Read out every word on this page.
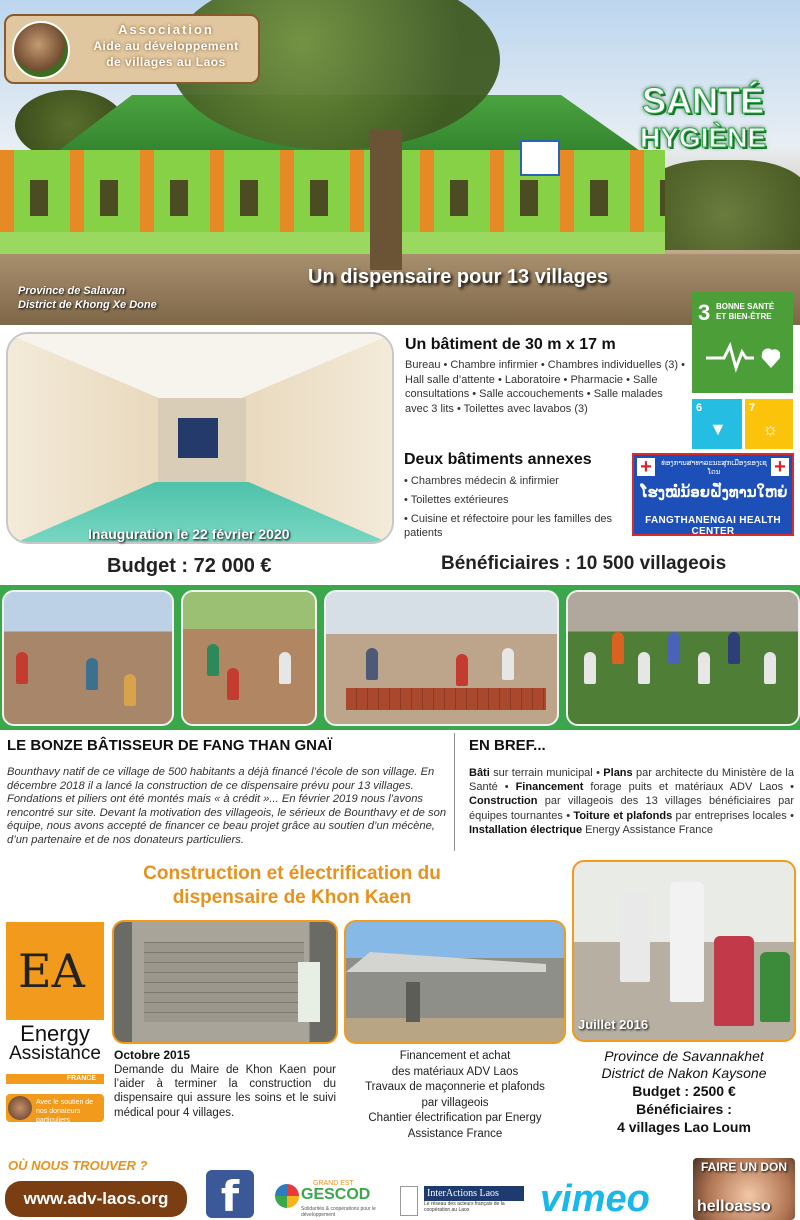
Association
Aide au développement
de villages au Laos
SANTÉ
HYGIÈNE
Province de Salavan
District de Khong Xe Done
Un dispensaire pour 13 villages
Inauguration le 22 février 2020
Un bâtiment de 30 m x 17 m
Bureau • Chambre infirmier • Chambres individuelles (3) • Hall salle d’attente • Laboratoire • Pharmacie • Salle consultations • Salle accouchements • Salle malades avec 3 lits • Toilettes avec lavabos (3)
3 BONNE SANTÉ
ET BIEN-ÊTRE
6
▼
7
☼
Deux bâtiments annexes
• Chambres médecin & infirmier
• Toilettes extérieures
• Cuisine et réfectoire pour les familles des patients
+	+
ທ່ອງການສາທາລະນະສຸກເມືອງຂອງເຊໂດນ
ໂຮງໝໍນ້ອຍຝັ່ງທານໃຫຍ່
FANGTHANENGAI HEALTH CENTER
Budget : 72 000 €	Bénéficiaires : 10 500 villageois
LE BONZE BÂTISSEUR DE FANG THAN GNAÏ
Bounthavy natif de ce village de 500 habitants a déjà financé l’école de son village. En décembre 2018 il a lancé la construction de ce dispensaire prévu pour 13 villages. Fondations et piliers ont été montés mais « à crédit »... En février 2019 nous l’avons rencontré sur site. Devant la motivation des villageois, le sérieux de Bounthavy et de son équipe, nous avons accepté de financer ce beau projet grâce au soutien d’un mécène, d’un partenaire et de nos donateurs particuliers.
EN BREF...
Bâti sur terrain municipal • Plans par architecte du Ministère de la Santé • Financement forage puits et matériaux ADV Laos • Construction par villageois des 13 villages bénéficiaires par équipes tournantes • Toiture et plafonds par entreprises locales • Installation électrique Energy Assistance France
Construction et électrification du
dispensaire de Khon Kaen
EA
Energy
Assistance
FRANCE
Avec le soutien de nos donateurs particuliers
Juillet 2016
Octobre 2015
Demande du Maire de Khon Kaen pour l’aider à terminer la construction du dispensaire qui assure les soins et le suivi médical pour 4 villages.
Financement et achat
des matériaux ADV Laos
Travaux de maçonnerie et plafonds
par villageois
Chantier électrification par Energy
Assistance France
Province de Savannakhet
District de Nakon Kaysone
Budget : 2500 €
Bénéficiaires :
4 villages Lao Loum
OÙ NOUS TROUVER ?
www.adv-laos.org	f	GRAND EST
GESCOD
Solidarités & coopérations pour le développement
InterActions Laos
Le réseau des acteurs français de la coopération au Laos	vimeo
FAIRE UN DON
helloasso
